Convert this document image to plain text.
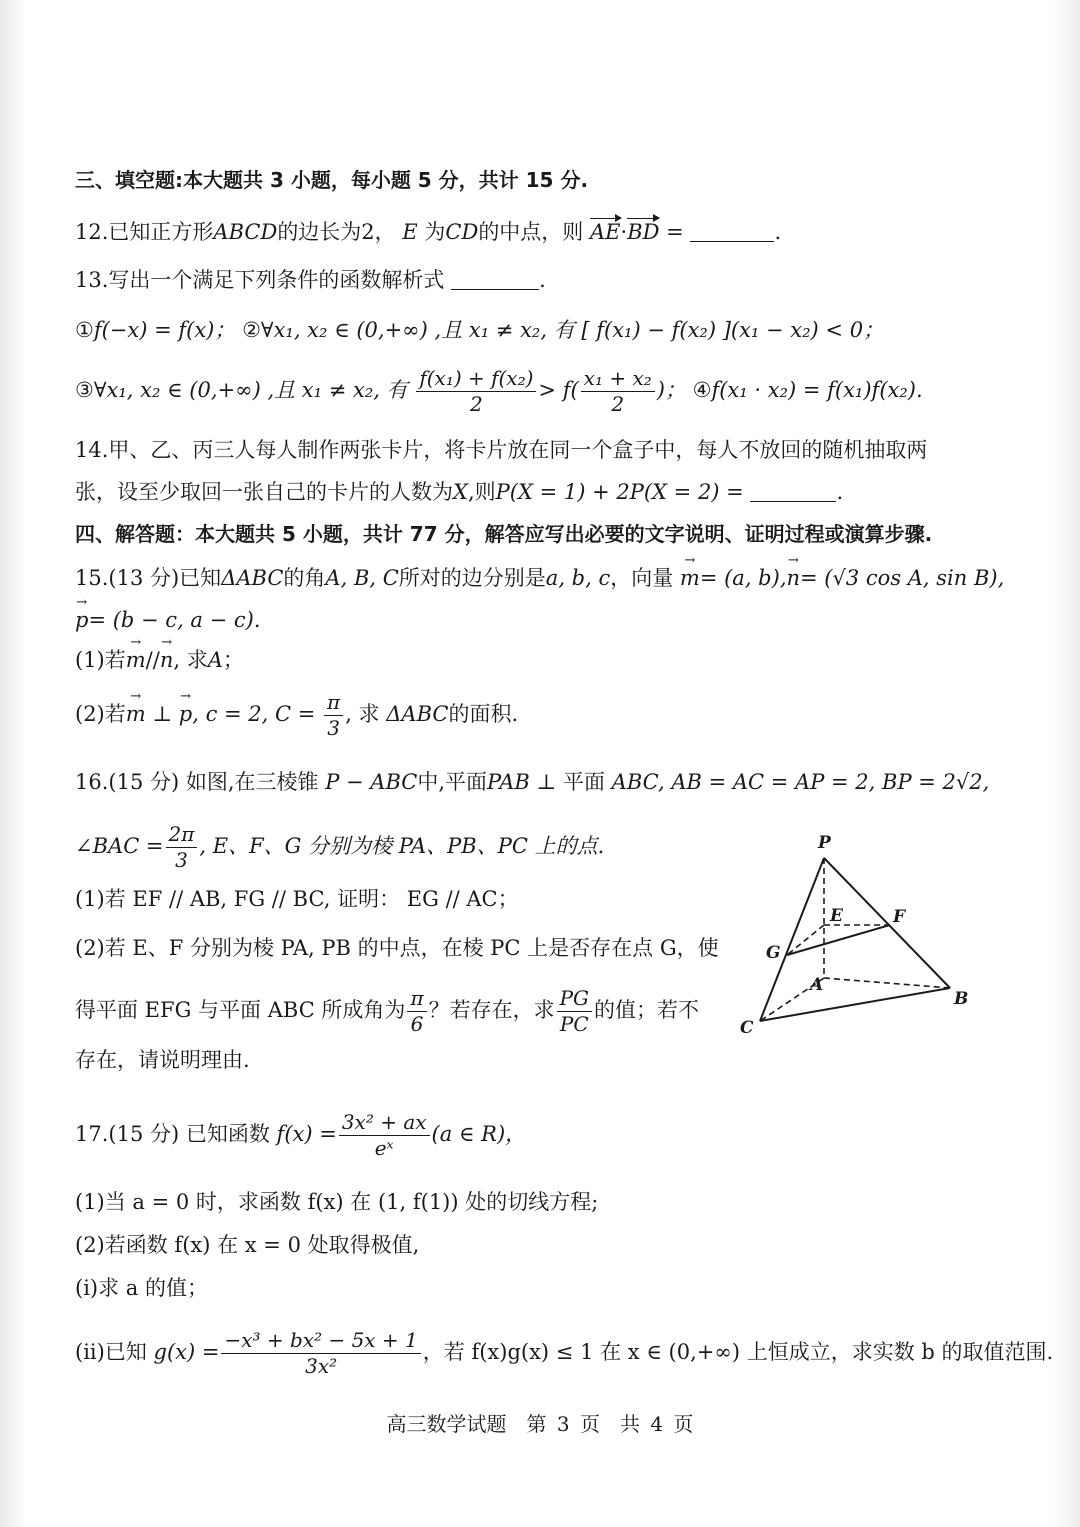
三、填空题:本大题共 3 小题，每小题 5 分，共计 15 分.
12.已知正方形ABCD的边长为2， E 为CD的中点，则 AE·BD =	.
13.写出一个满足下列条件的函数解析式	.
①f(−x) = f(x)； ②∀x₁, x₂ ∈ (0,+∞) ,且 x₁ ≠ x₂, 有 [ f(x₁) − f(x₂) ](x₁ − x₂) < 0；
③∀x₁, x₂ ∈ (0,+∞) ,且 x₁ ≠ x₂, 有 $\frac{\text{f(x₁) + f(x₂)}}{2} > f( \frac{\text{x₁ + x₂}}{2}$ )； ④f(x₁ · x₂) = f(x₁)f(x₂).
14.甲、乙、丙三人每人制作两张卡片，将卡片放在同一个盒子中，每人不放回的随机抽取两
张，设至少取回一张自己的卡片的人数为X,则P(X = 1) + 2P(X = 2) =	.
四、解答题：本大题共 5 小题，共计 77 分，解答应写出必要的文字说明、证明过程或演算步骤.
15.(13 分)已知ΔABC的角A, B, C所对的边分别是a, b, c，向量 → m= (a, b),→ n= (√3 cos A, sin B),
→ p= (b − c, a − c).
(1)若→ m//→ n, 求A；
(2)若→ m ⊥ → p, c = 2, $C = \frac{\pi}{3}$ , 求 ΔABC的面积.
16.(15 分) 如图,在三棱锥 P − ABC中,平面PAB ⊥ 平面 ABC, AB = AC = AP = 2, BP = 2√2,
∠BAC = $\frac{2\pi}{3}$ , E、F、G 分别为棱 PA、PB、PC 上的点.
(1)若 EF // AB, FG // BC, 证明： EG // AC；
(2)若 E、F 分别为棱 PA, PB 的中点，在棱 PC 上是否存在点 G，使
得平面 EFG 与平面 ABC 所成角为 $\frac{\pi}{6}$ ？若存在，求 $\frac{PG}{PC}$ 的值；若不
存在，请说明理由.
P
E	F
G
A
B
C
17.(15 分) 已知函数 $f(x) = \frac{\text{3x² + ax}}{\text{eˣ}} (a$ ∈ R)，
(1)当 a = 0 时，求函数 f(x) 在 (1, f(1)) 处的切线方程;
(2)若函数 f(x) 在 x = 0 处取得极值,
(i)求 a 的值；
(ii)已知 $g(x) = \frac{\text{−x³ + bx² − 5x + 1}}{\text{3x²}}$ ，若 f(x)g(x) ≤ 1 在 x ∈ (0,+∞) 上恒成立，求实数 b 的取值范围.
高三数学试题　第 3 页　共 4 页
